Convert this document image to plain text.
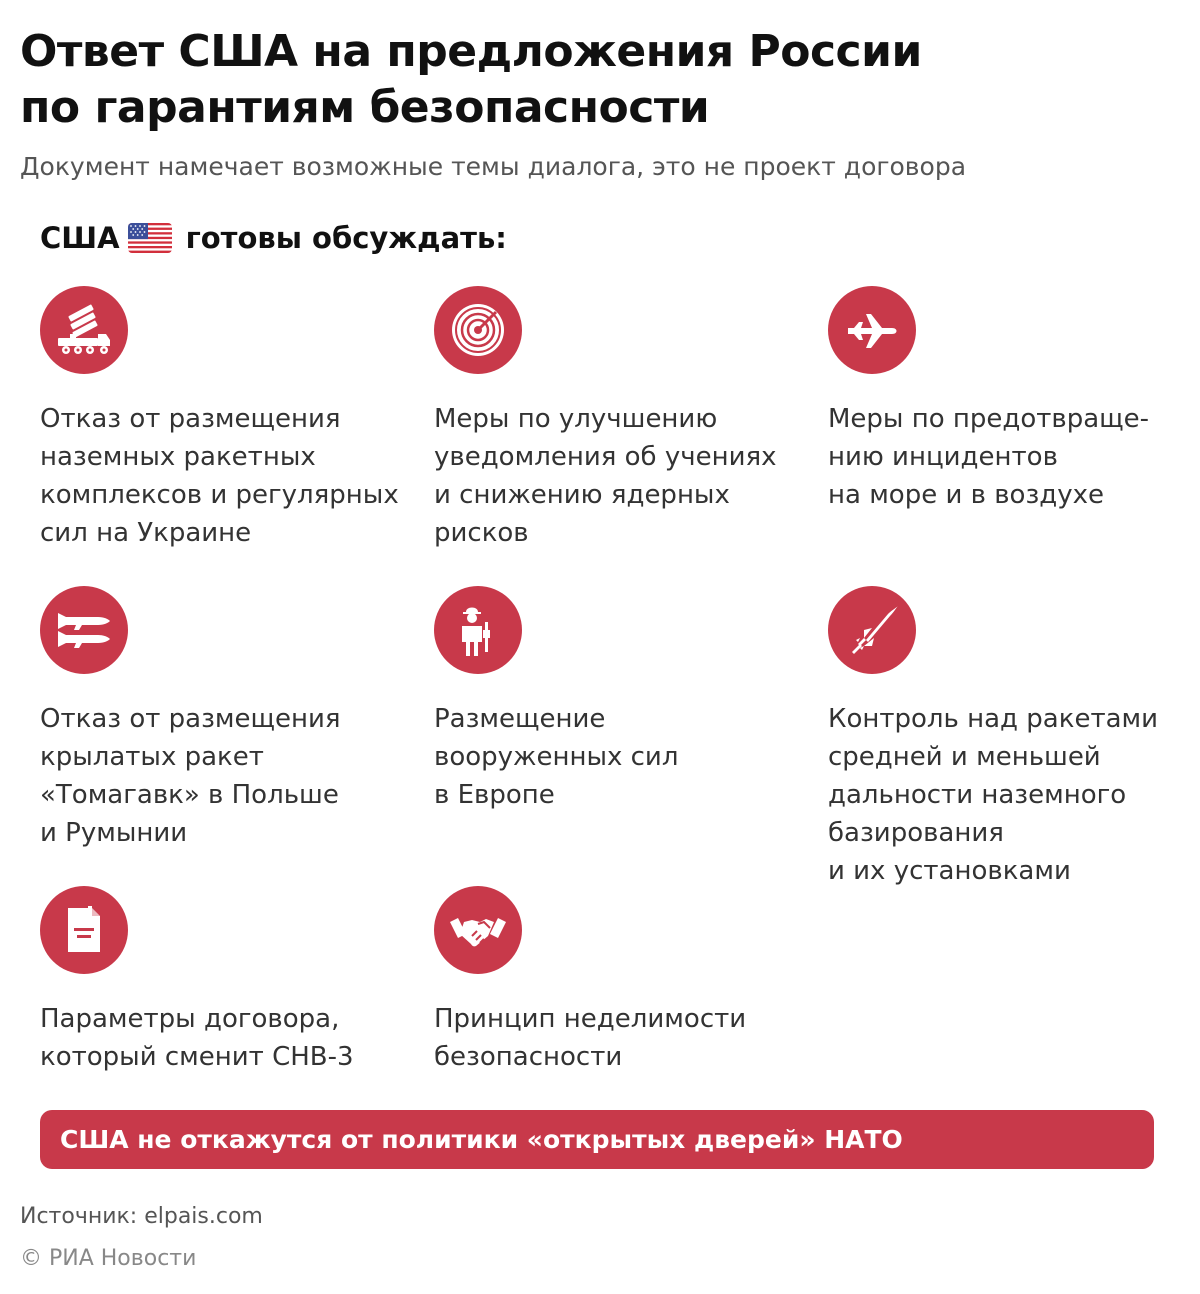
Ответ США на предложения России
по гарантиям безопасности
Документ намечает возможные темы диалога, это не проект договора
США готовы обсуждать:
Отказ от размещения
наземных ракетных
комплексов и регулярных
сил на Украине
Меры по улучшению
уведомления об учениях
и снижению ядерных
рисков
Меры по предотвраще-
нию инцидентов
на море и в воздухе
Отказ от размещения
крылатых ракет
«Томагавк» в Польше
и Румынии
Размещение
вооруженных сил
в Европе
Контроль над ракетами
средней и меньшей
дальности наземного
базирования
и их установками
Параметры договора,
который сменит СНВ-3
Принцип неделимости
безопасности
США не откажутся от политики «открытых дверей» НАТО
Источник: elpais.com
© РИА Новости
